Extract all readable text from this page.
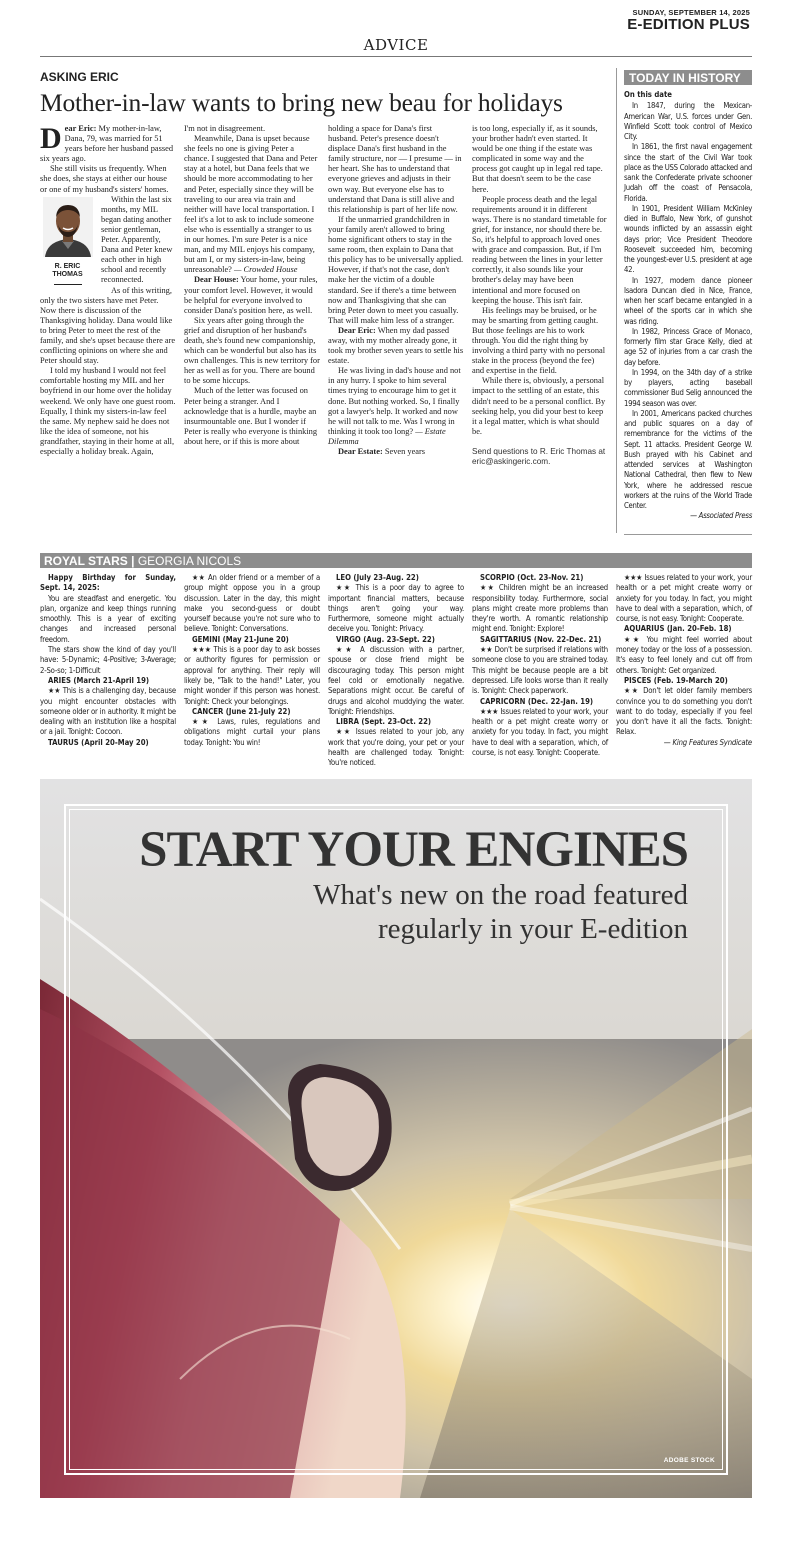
SUNDAY, SEPTEMBER 14, 2025
E-EDITION PLUS
ADVICE
ASKING ERIC
Mother-in-law wants to bring new beau for holidays

Dear Eric: My mother-in-law, Dana, 79, was married for 51 years before her husband passed six years ago.

She still visits us frequently. When she does, she stays at either our house or one of my husband's sisters' homes.

R. ERIC
THOMAS

Within the last six months, my MIL began dating another senior gentleman, Peter. Apparently, Dana and Peter knew each other in high school and recently reconnected.

As of this writing, only the two sisters have met Peter. Now there is discussion of the Thanksgiving holiday. Dana would like to bring Peter to meet the rest of the family, and she's upset because there are conflicting opinions on where she and Peter should stay.

I told my husband I would not feel comfortable hosting my MIL and her boyfriend in our home over the holiday weekend. We only have one guest room. Equally, I think my sisters-in-law feel the same. My nephew said he does not like the idea of someone, not his grandfather, staying in their home at all, especially a holiday break. Again,

I'm not in disagreement.

Meanwhile, Dana is upset because she feels no one is giving Peter a chance. I suggested that Dana and Peter stay at a hotel, but Dana feels that we should be more accommodating to her and Peter, especially since they will be traveling to our area via train and neither will have local transportation. I feel it's a lot to ask to include someone else who is essentially a stranger to us in our homes. I'm sure Peter is a nice man, and my MIL enjoys his company, but am I, or my sisters-in-law, being unreasonable? — Crowded House

Dear House: Your home, your rules, your comfort level. However, it would be helpful for everyone involved to consider Dana's position here, as well.

Six years after going through the grief and disruption of her husband's death, she's found new companionship, which can be wonderful but also has its own challenges. This is new territory for her as well as for you. There are bound to be some hiccups.

Much of the letter was focused on Peter being a stranger. And I acknowledge that is a hurdle, maybe an insurmountable one. But I wonder if Peter is really who everyone is thinking about here, or if this is more about

holding a space for Dana's first husband. Peter's presence doesn't displace Dana's first husband in the family structure, nor — I presume — in her heart. She has to understand that everyone grieves and adjusts in their own way. But everyone else has to understand that Dana is still alive and this relationship is part of her life now.

If the unmarried grandchildren in your family aren't allowed to bring home significant others to stay in the same room, then explain to Dana that this policy has to be universally applied. However, if that's not the case, don't make her the victim of a double standard. See if there's a time between now and Thanksgiving that she can bring Peter down to meet you casually. That will make him less of a stranger.

Dear Eric: When my dad passed away, with my mother already gone, it took my brother seven years to settle his estate.

He was living in dad's house and not in any hurry. I spoke to him several times trying to encourage him to get it done. But nothing worked. So, I finally got a lawyer's help. It worked and now he will not talk to me. Was I wrong in thinking it took too long? — Estate Dilemma

Dear Estate: Seven years

is too long, especially if, as it sounds, your brother hadn't even started. It would be one thing if the estate was complicated in some way and the process got caught up in legal red tape. But that doesn't seem to be the case here.

People process death and the legal requirements around it in different ways. There is no standard timetable for grief, for instance, nor should there be. So, it's helpful to approach loved ones with grace and compassion. But, if I'm reading between the lines in your letter correctly, it also sounds like your brother's delay may have been intentional and more focused on keeping the house. This isn't fair.

His feelings may be bruised, or he may be smarting from getting caught. But those feelings are his to work through. You did the right thing by involving a third party with no personal stake in the process (beyond the fee) and expertise in the field.

While there is, obviously, a personal impact to the settling of an estate, this didn't need to be a personal conflict. By seeking help, you did your best to keep it a legal matter, which is what should be.

Send questions to R. Eric Thomas at eric@askingeric.com.

TODAY IN HISTORY

On this date

In 1847, during the Mexican-American War, U.S. forces under Gen. Winfield Scott took control of Mexico City.

In 1861, the first naval engagement since the start of the Civil War took place as the USS Colorado attacked and sank the Confederate private schooner Judah off the coast of Pensacola, Florida.

In 1901, President William McKinley died in Buffalo, New York, of gunshot wounds inflicted by an assassin eight days prior; Vice President Theodore Roosevelt succeeded him, becoming the youngest-ever U.S. president at age 42.

In 1927, modern dance pioneer Isadora Duncan died in Nice, France, when her scarf became entangled in a wheel of the sports car in which she was riding.

In 1982, Princess Grace of Monaco, formerly film star Grace Kelly, died at age 52 of injuries from a car crash the day before.

In 1994, on the 34th day of a strike by players, acting baseball commissioner Bud Selig announced the 1994 season was over.

In 2001, Americans packed churches and public squares on a day of remembrance for the victims of the Sept. 11 attacks. President George W. Bush prayed with his Cabinet and attended services at Washington National Cathedral, then flew to New York, where he addressed rescue workers at the ruins of the World Trade Center.

— Associated Press

ROYAL STARS | GEORGIA NICOLS

Happy Birthday for Sunday, Sept. 14, 2025:

You are steadfast and energetic. You plan, organize and keep things running smoothly. This is a year of exciting changes and increased personal freedom.

The stars show the kind of day you'll have: 5-Dynamic; 4-Positive; 3-Average; 2-So-so; 1-Difficult

ARIES (March 21-April 19)

★★ This is a challenging day, because you might encounter obstacles with someone older or in authority. It might be dealing with an institution like a hospital or a jail. Tonight: Cocoon.

TAURUS (April 20-May 20)

★★ An older friend or a member of a group might oppose you in a group discussion. Later in the day, this might make you second-guess or doubt yourself because you're not sure who to believe. Tonight: Conversations.

GEMINI (May 21-June 20)

★★★ This is a poor day to ask bosses or authority figures for permission or approval for anything. Their reply will likely be, "Talk to the hand!" Later, you might wonder if this person was honest. Tonight: Check your belongings.

CANCER (June 21-July 22)

★★ Laws, rules, regulations and obligations might curtail your plans today. Tonight: You win!

LEO (July 23-Aug. 22)

★★ This is a poor day to agree to important financial matters, because things aren't going your way. Furthermore, someone might actually deceive you. Tonight: Privacy.

VIRGO (Aug. 23-Sept. 22)

★★ A discussion with a partner, spouse or close friend might be discouraging today. This person might feel cold or emotionally negative. Separations might occur. Be careful of drugs and alcohol muddying the water. Tonight: Friendships.

LIBRA (Sept. 23-Oct. 22)

★★ Issues related to your job, any work that you're doing, your pet or your health are challenged today. Tonight: You're noticed.

SCORPIO (Oct. 23-Nov. 21)

★★ Children might be an increased responsibility today. Furthermore, social plans might create more problems than they're worth. A romantic relationship might end. Tonight: Explore!

SAGITTARIUS (Nov. 22-Dec. 21)

★★ Don't be surprised if relations with someone close to you are strained today. This might be because people are a bit depressed. Life looks worse than it really is. Tonight: Check paperwork.

CAPRICORN (Dec. 22-Jan. 19)

★★★ Issues related to your work, your health or a pet might create worry or anxiety for you today. In fact, you might have to deal with a separation, which, of course, is not easy. Tonight: Cooperate.

★★★ Issues related to your work, your health or a pet might create worry or anxiety for you today. In fact, you might have to deal with a separation, which, of course, is not easy. Tonight: Cooperate.

AQUARIUS (Jan. 20-Feb. 18)

★★ You might feel worried about money today or the loss of a possession. It's easy to feel lonely and cut off from others. Tonight: Get organized.

PISCES (Feb. 19-March 20)

★★ Don't let older family members convince you to do something you don't want to do today, especially if you feel you don't have it all the facts. Tonight: Relax.

— King Features Syndicate

START YOUR ENGINES
What's new on the road featured regularly in your E-edition
ADOBE STOCK
